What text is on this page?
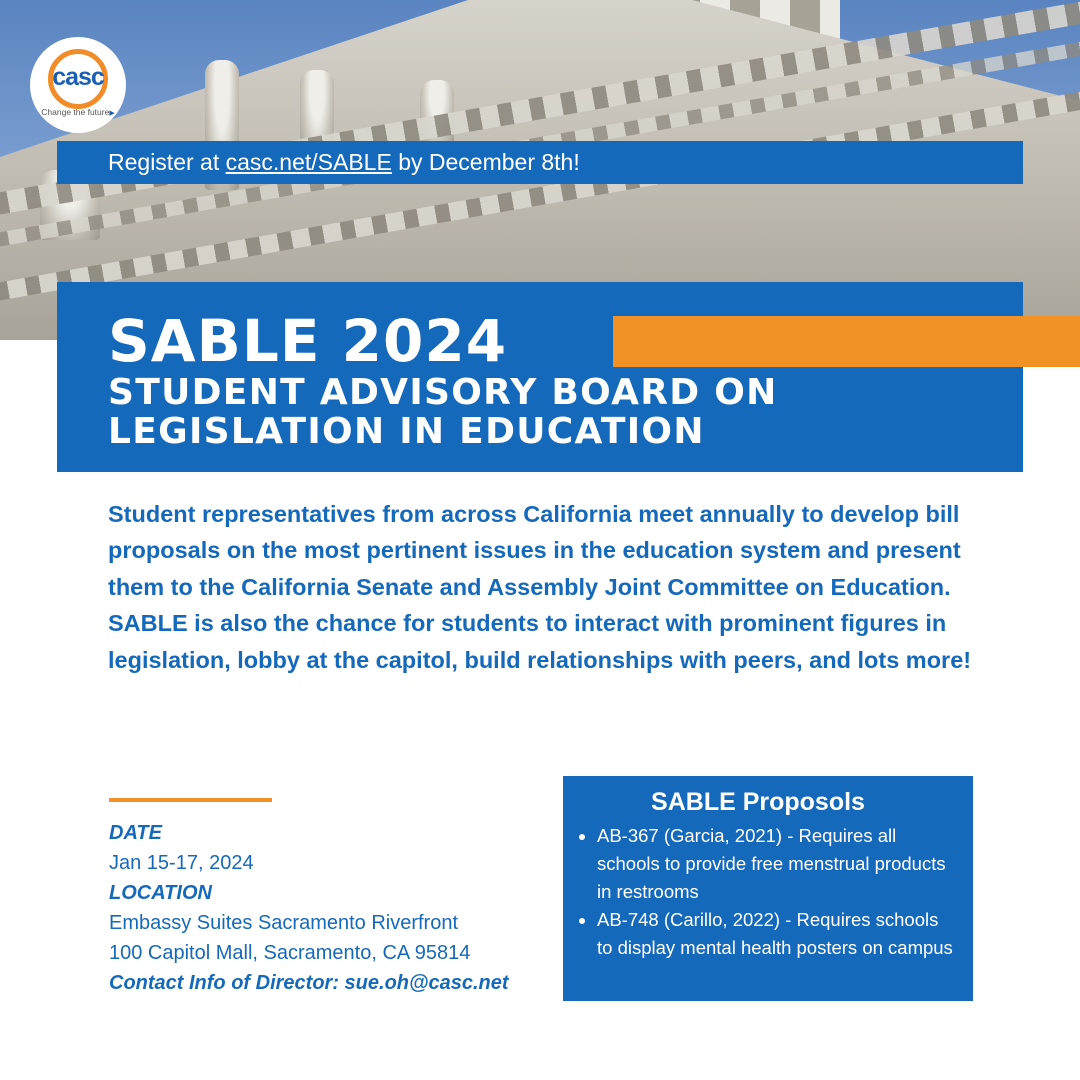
casc
Change the future▶
Register at casc.net/SABLE by December 8th!
SABLE 2024
STUDENT ADVISORY BOARD ON LEGISLATION IN EDUCATION

Student representatives from across California meet annually to develop bill proposals on the most pertinent issues in the education system and present them to the California Senate and Assembly Joint Committee on Education. SABLE is also the chance for students to interact with prominent figures in legislation, lobby at the capitol, build relationships with peers, and lots more!

DATE
Jan 15-17, 2024
LOCATION
Embassy Suites Sacramento Riverfront
100 Capitol Mall, Sacramento, CA 95814
Contact Info of Director: sue.oh@casc.net
SABLE Proposols
• AB-367 (Garcia, 2021) - Requires all schools to provide free menstrual products in restrooms
• AB-748 (Carillo, 2022) - Requires schools to display mental health posters on campus
